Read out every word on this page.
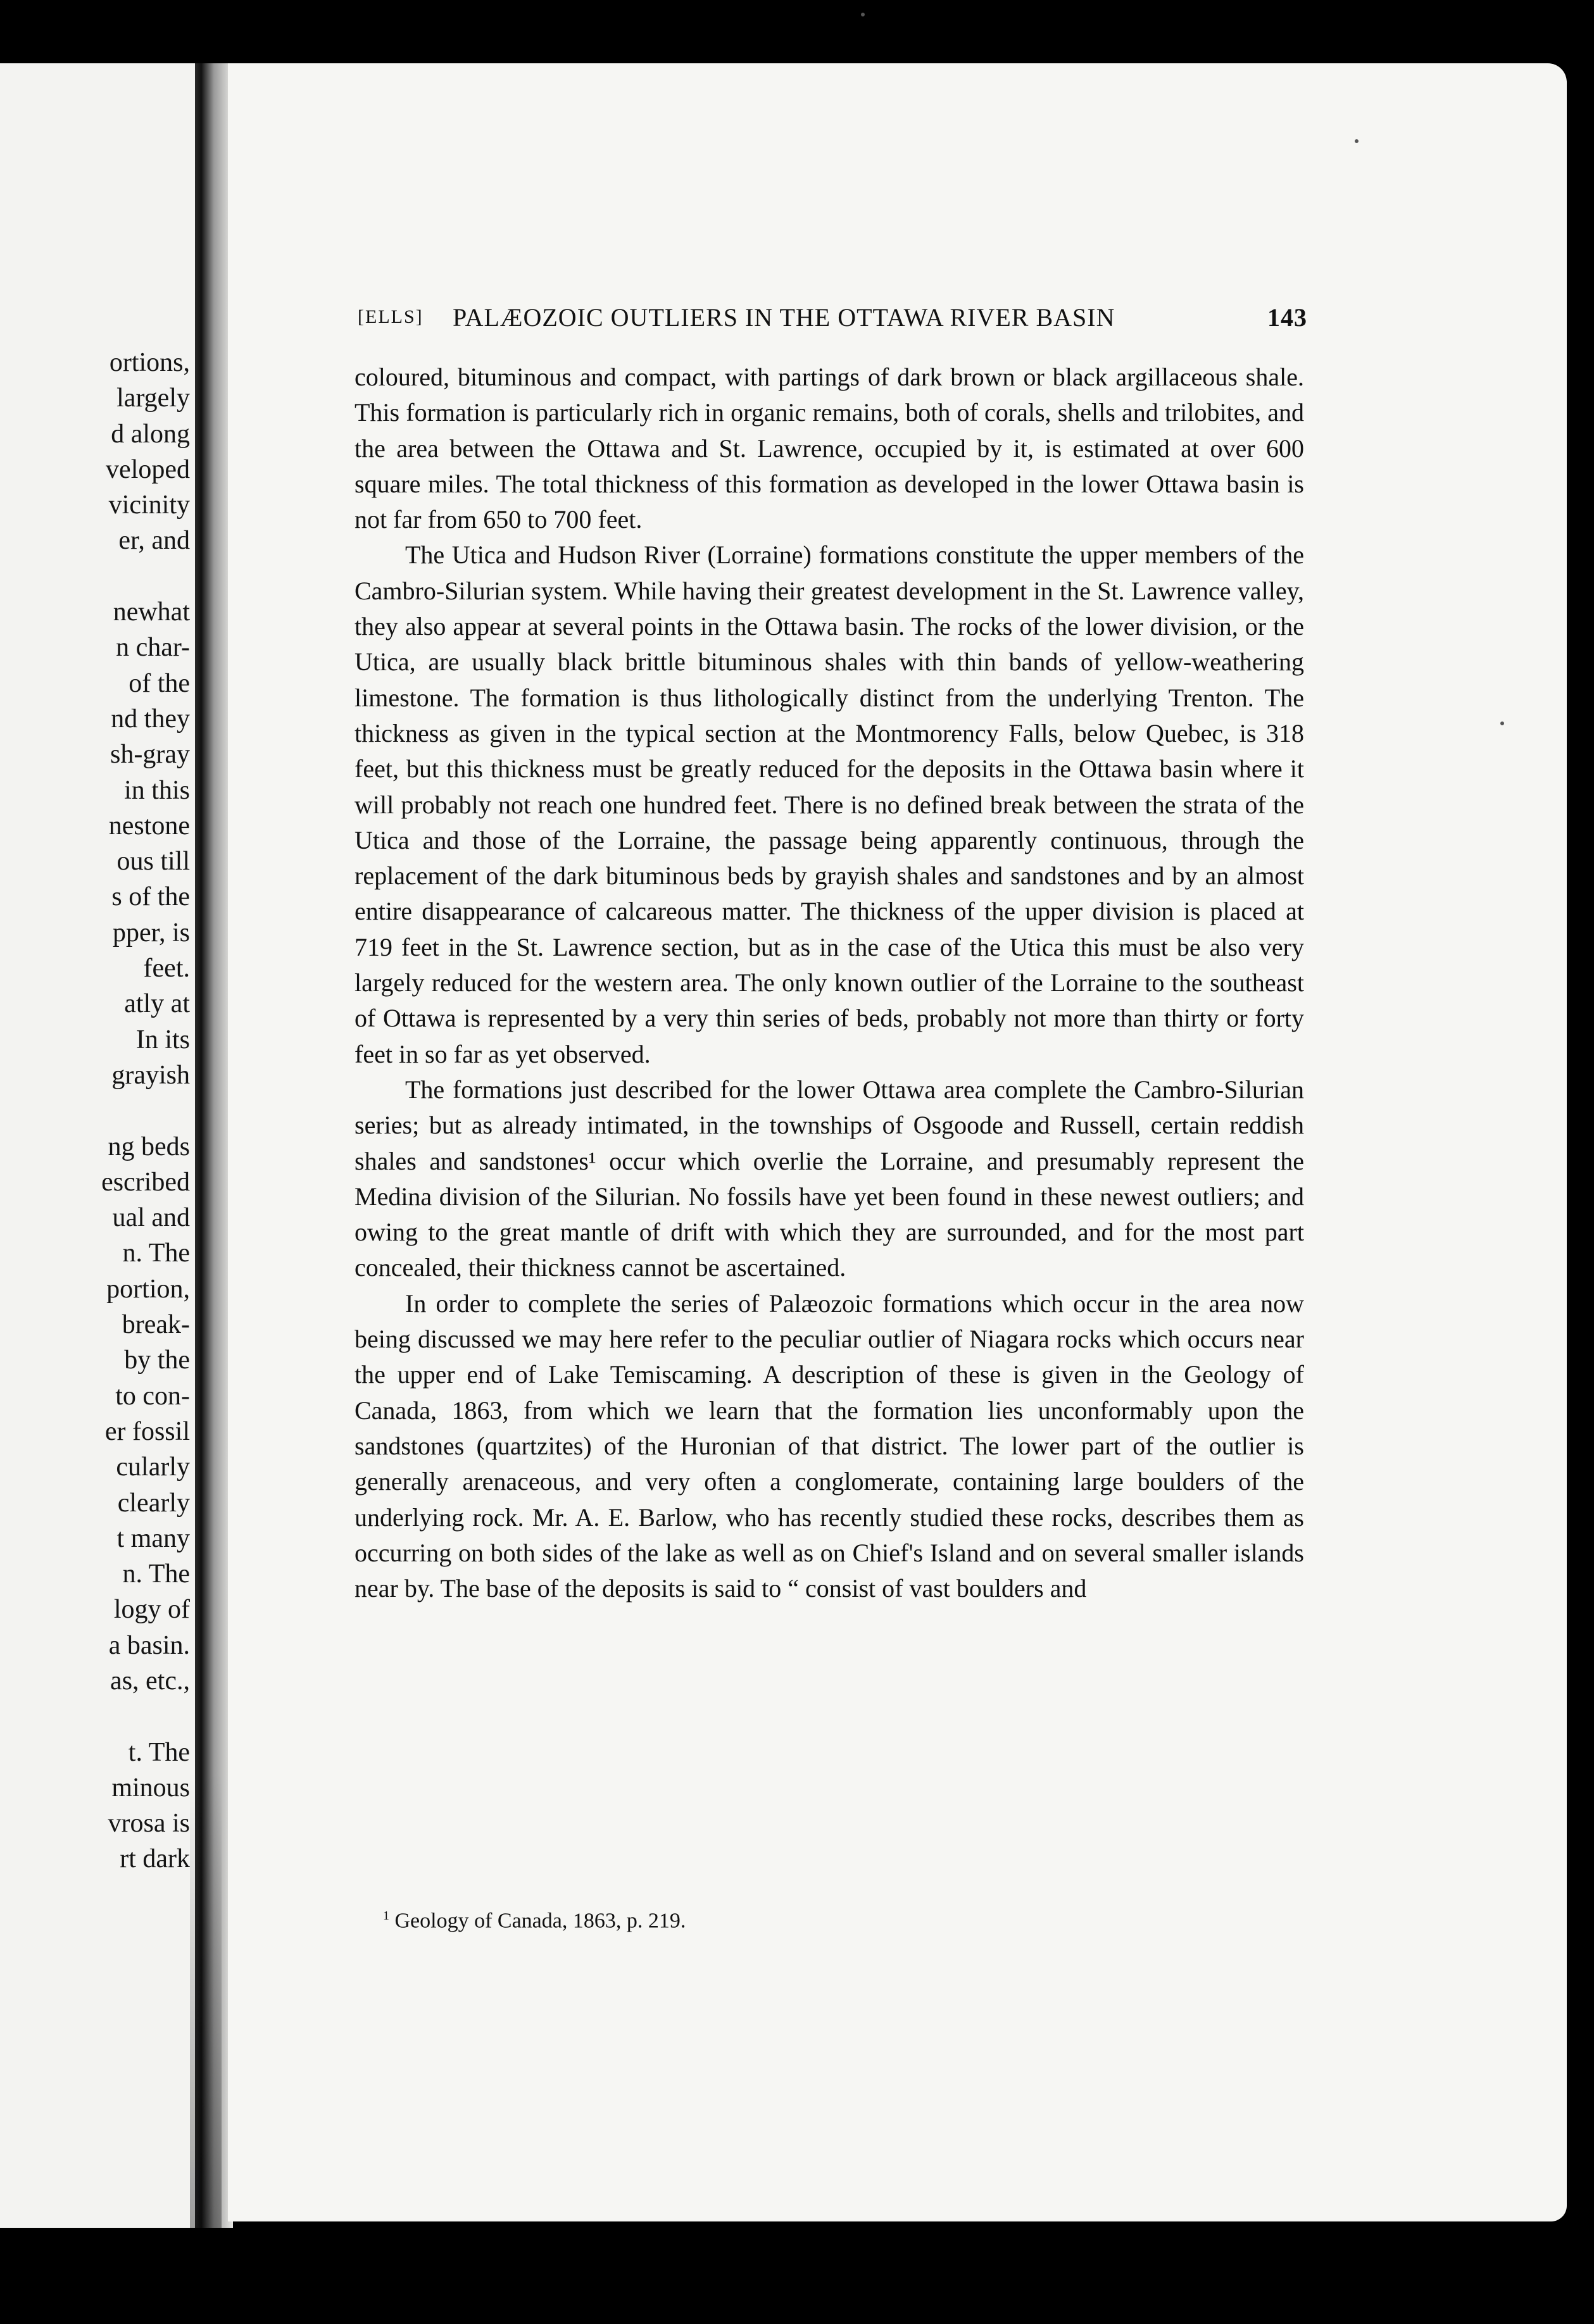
ortions,
largely
d along
veloped
vicinity
er, and

newhat
n char-
of the
nd they
sh-gray
in this
nestone
ous till
s of the
pper, is
feet.
atly at
In its
grayish

ng beds
escribed
ual and
n. The
portion,
break-
by the
to con-
er fossil
cularly
clearly
t many
n. The
logy of
a basin.
as, etc.,

t. The
minous
vrosa is
rt dark
[ELLS] PALÆOZOIC OUTLIERS IN THE OTTAWA RIVER BASIN	143

coloured, bituminous and compact, with partings of dark brown or black argillaceous shale. This formation is particularly rich in organic remains, both of corals, shells and trilobites, and the area between the Ottawa and St. Lawrence, occupied by it, is estimated at over 600 square miles. The total thickness of this formation as developed in the lower Ottawa basin is not far from 650 to 700 feet.

The Utica and Hudson River (Lorraine) formations constitute the upper members of the Cambro-Silurian system. While having their greatest development in the St. Lawrence valley, they also appear at several points in the Ottawa basin. The rocks of the lower division, or the Utica, are usually black brittle bituminous shales with thin bands of yellow-weathering limestone. The formation is thus lithologically distinct from the underlying Trenton. The thickness as given in the typical section at the Montmorency Falls, below Quebec, is 318 feet, but this thickness must be greatly reduced for the deposits in the Ottawa basin where it will probably not reach one hundred feet. There is no defined break between the strata of the Utica and those of the Lorraine, the passage being apparently continuous, through the replacement of the dark bituminous beds by grayish shales and sandstones and by an almost entire disappearance of calcareous matter. The thickness of the upper division is placed at 719 feet in the St. Lawrence section, but as in the case of the Utica this must be also very largely reduced for the western area. The only known outlier of the Lorraine to the southeast of Ottawa is represented by a very thin series of beds, probably not more than thirty or forty feet in so far as yet observed.

The formations just described for the lower Ottawa area complete the Cambro-Silurian series; but as already intimated, in the townships of Osgoode and Russell, certain reddish shales and sandstones¹ occur which overlie the Lorraine, and presumably represent the Medina division of the Silurian. No fossils have yet been found in these newest outliers; and owing to the great mantle of drift with which they are surrounded, and for the most part concealed, their thickness cannot be ascertained.

In order to complete the series of Palæozoic formations which occur in the area now being discussed we may here refer to the peculiar outlier of Niagara rocks which occurs near the upper end of Lake Temiscaming. A description of these is given in the Geology of Canada, 1863, from which we learn that the formation lies unconformably upon the sandstones (quartzites) of the Huronian of that district. The lower part of the outlier is generally arenaceous, and very often a conglomerate, containing large boulders of the underlying rock. Mr. A. E. Barlow, who has recently studied these rocks, describes them as occurring on both sides of the lake as well as on Chief's Island and on several smaller islands near by. The base of the deposits is said to “ consist of vast boulders and

$^1$ Geology of Canada, 1863, p. 219.
